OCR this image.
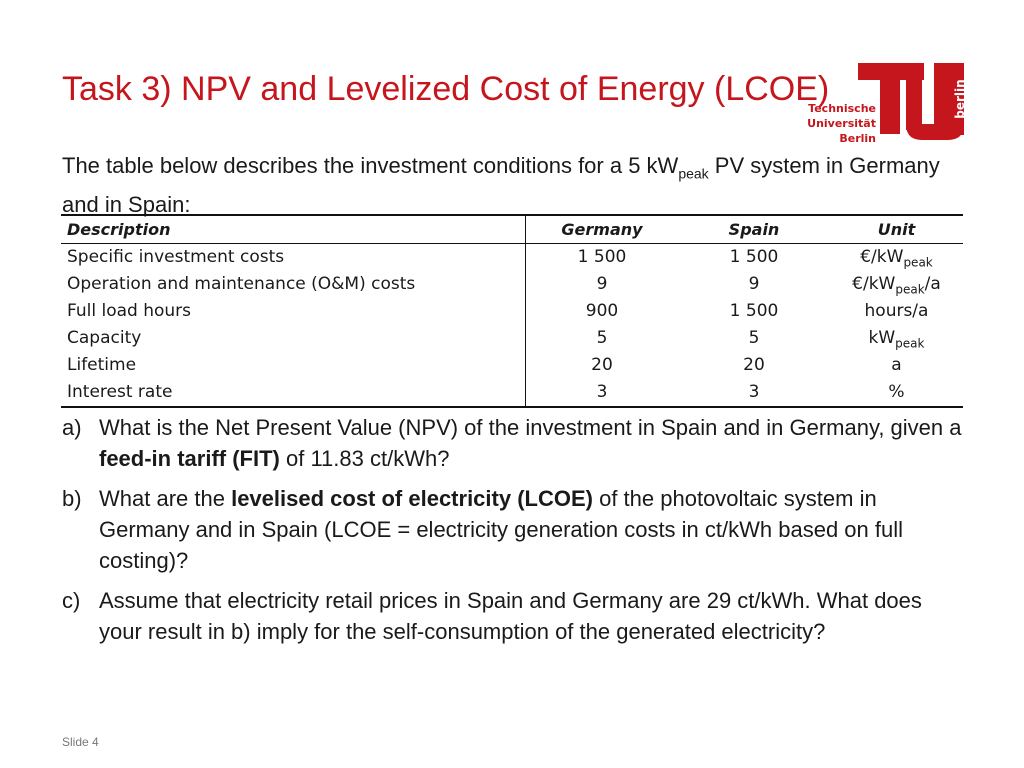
Task 3) NPV and Levelized Cost of Energy (LCOE)
Technische
Universität
Berlin
berlin

The table below describes the investment conditions for a 5 $kW_{peak}$ PV system in Germany and in Spain:

Description	Germany	Spain	Unit
Specific investment costs	1 500	1 500	$€/kW_{peak}$
Operation and maintenance (O&M) costs	9	9	$€/kW_{peak}/a$
Full load hours	900	1 500	hours/a
Capacity	5	5	$kW_{peak}$
Lifetime	20	20	a
Interest rate	3	3	%
a) What is the Net Present Value (NPV) of the investment in Spain and in Germany, given a feed-in tariff (FIT) of 11.83 ct/kWh?
b) What are the levelised cost of electricity (LCOE) of the photovoltaic system in Germany and in Spain (LCOE = electricity generation costs in ct/kWh based on full costing)?
c) Assume that electricity retail prices in Spain and Germany are 29 ct/kWh. What does your result in b) imply for the self-consumption of the generated electricity?
Slide 4
